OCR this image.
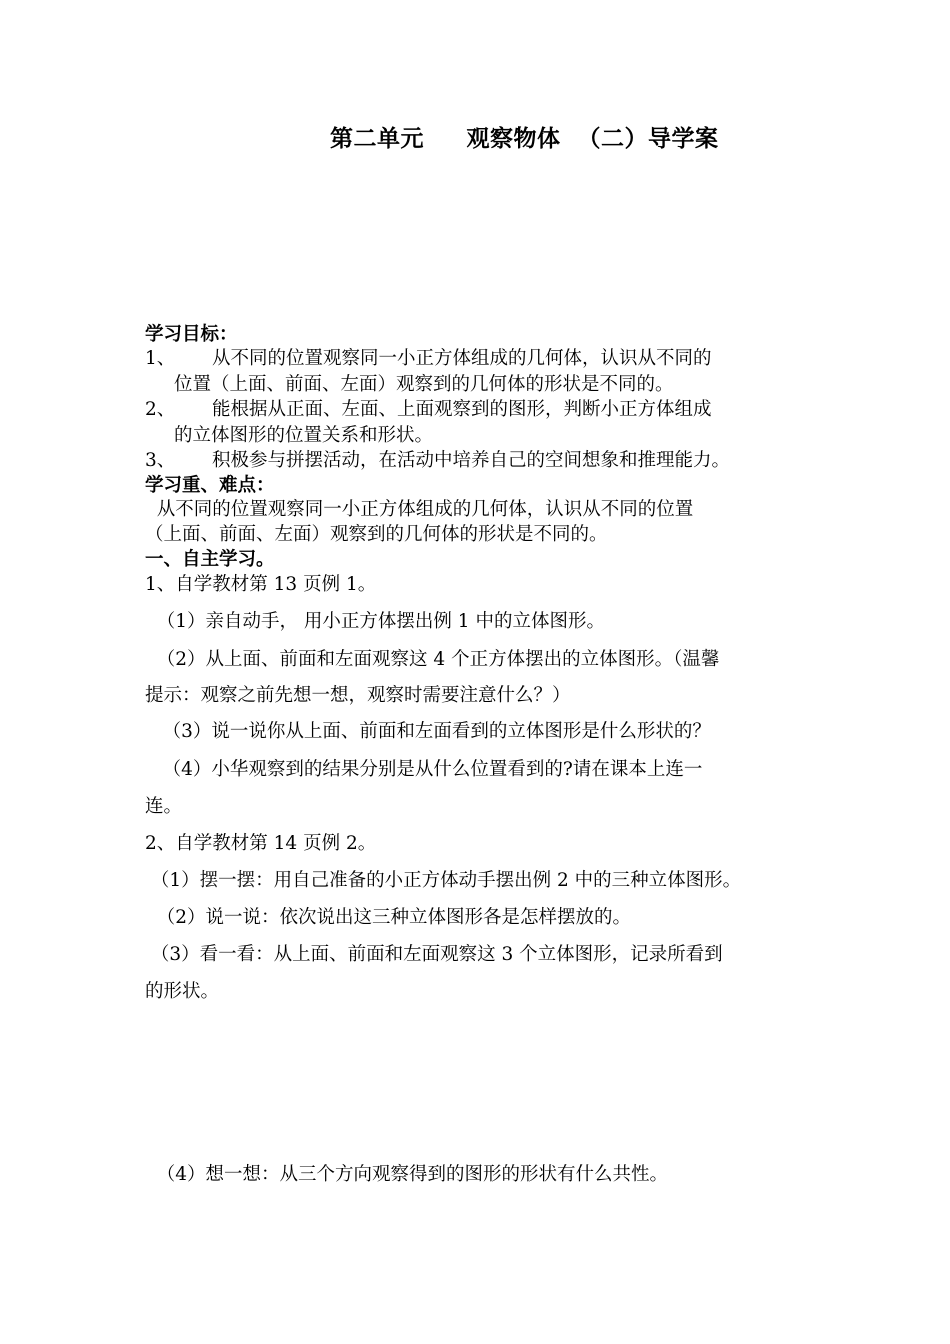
第二单元     观察物体  （二）导学案
学习目标：
1、 从不同的位置观察同一小正方体组成的几何体，认识从不同的
位置（上面、前面、左面）观察到的几何体的形状是不同的。
2、 能根据从正面、左面、上面观察到的图形，判断小正方体组成
的立体图形的位置关系和形状。
3、 积极参与拼摆活动，在活动中培养自己的空间想象和推理能力。
学习重、难点：
从不同的位置观察同一小正方体组成的几何体，认识从不同的位置
（上面、前面、左面）观察到的几何体的形状是不同的。
一、自主学习。
1、自学教材第 13 页例 1。
（1）亲自动手， 用小正方体摆出例 1 中的立体图形。
（2）从上面、前面和左面观察这 4 个正方体摆出的立体图形。（温馨
提示：观察之前先想一想，观察时需要注意什么？）
（3）说一说你从上面、前面和左面看到的立体图形是什么形状的？
（4）小华观察到的结果分别是从什么位置看到的?请在课本上连一
连。
2、自学教材第 14 页例 2。
（1）摆一摆：用自己准备的小正方体动手摆出例 2 中的三种立体图形。
（2）说一说：依次说出这三种立体图形各是怎样摆放的。
（3）看一看：从上面、前面和左面观察这 3 个立体图形，记录所看到
的形状。
（4）想一想：从三个方向观察得到的图形的形状有什么共性。
